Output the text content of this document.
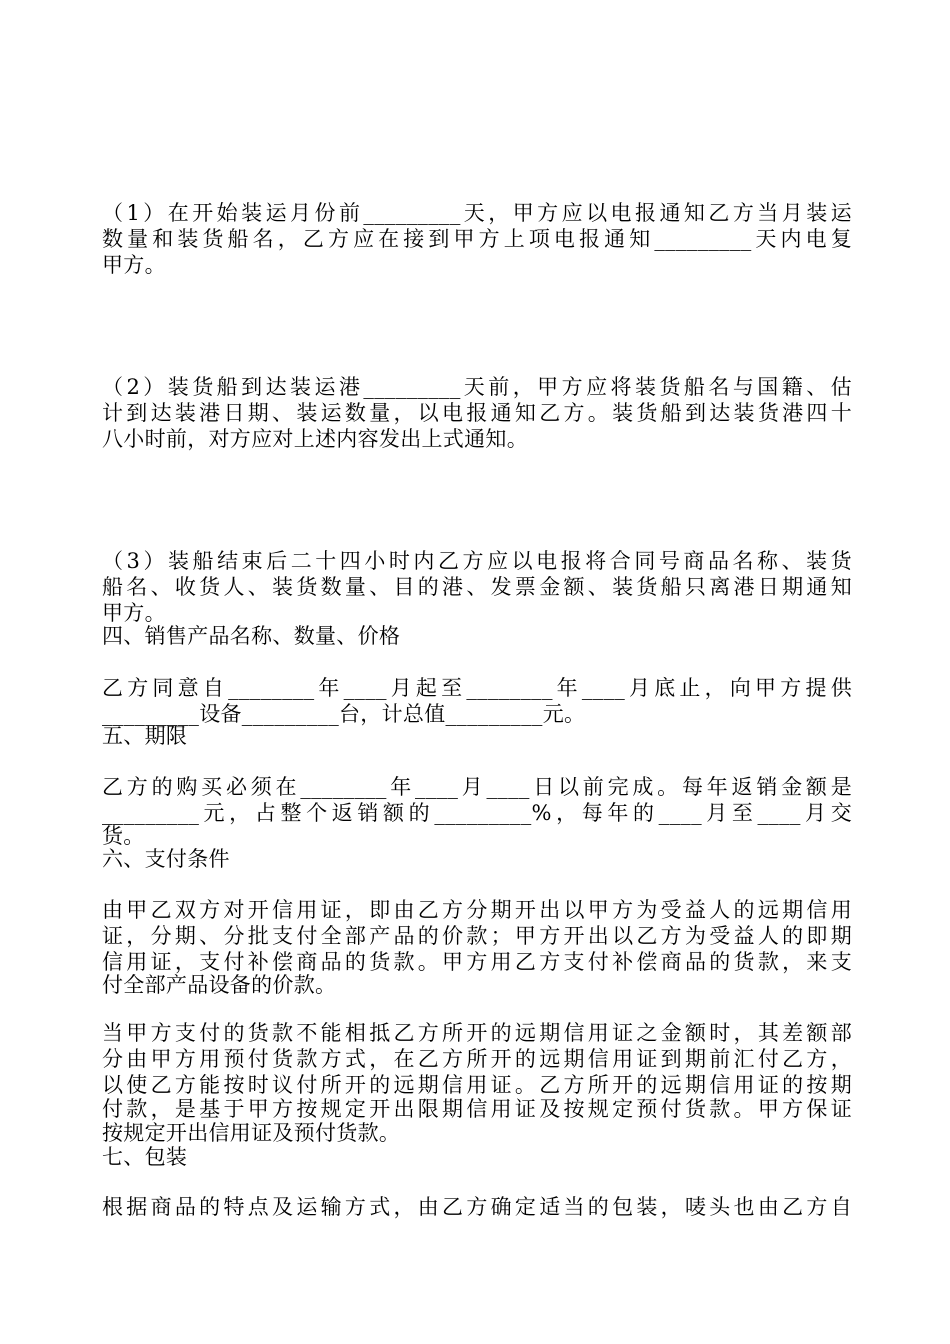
（1）在开始装运月份前_________天，甲方应以电报通知乙方当月装运
数量和装货船名，乙方应在接到甲方上项电报通知_________天内电复
甲方。
（2）装货船到达装运港_________天前，甲方应将装货船名与国籍、估
计到达装港日期、装运数量，以电报通知乙方。装货船到达装货港四十
八小时前，对方应对上述内容发出上式通知。
（3）装船结束后二十四小时内乙方应以电报将合同号商品名称、装货
船名、收货人、装货数量、目的港、发票金额、装货船只离港日期通知
甲方。
四、销售产品名称、数量、价格
乙方同意自________年____月起至________年____月底止，向甲方提供
_________设备_________台，计总值_________元。
五、期限
乙方的购买必须在________年____月____日以前完成。每年返销金额是
_________元，占整个返销额的_________%，每年的____月至____月交
货。
六、支付条件
由甲乙双方对开信用证，即由乙方分期开出以甲方为受益人的远期信用
证，分期、分批支付全部产品的价款；甲方开出以乙方为受益人的即期
信用证，支付补偿商品的货款。甲方用乙方支付补偿商品的货款，来支
付全部产品设备的价款。
当甲方支付的货款不能相抵乙方所开的远期信用证之金额时，其差额部
分由甲方用预付货款方式，在乙方所开的远期信用证到期前汇付乙方，
以使乙方能按时议付所开的远期信用证。乙方所开的远期信用证的按期
付款，是基于甲方按规定开出限期信用证及按规定预付货款。甲方保证
按规定开出信用证及预付货款。
七、包装
根据商品的特点及运输方式，由乙方确定适当的包装，唛头也由乙方自
